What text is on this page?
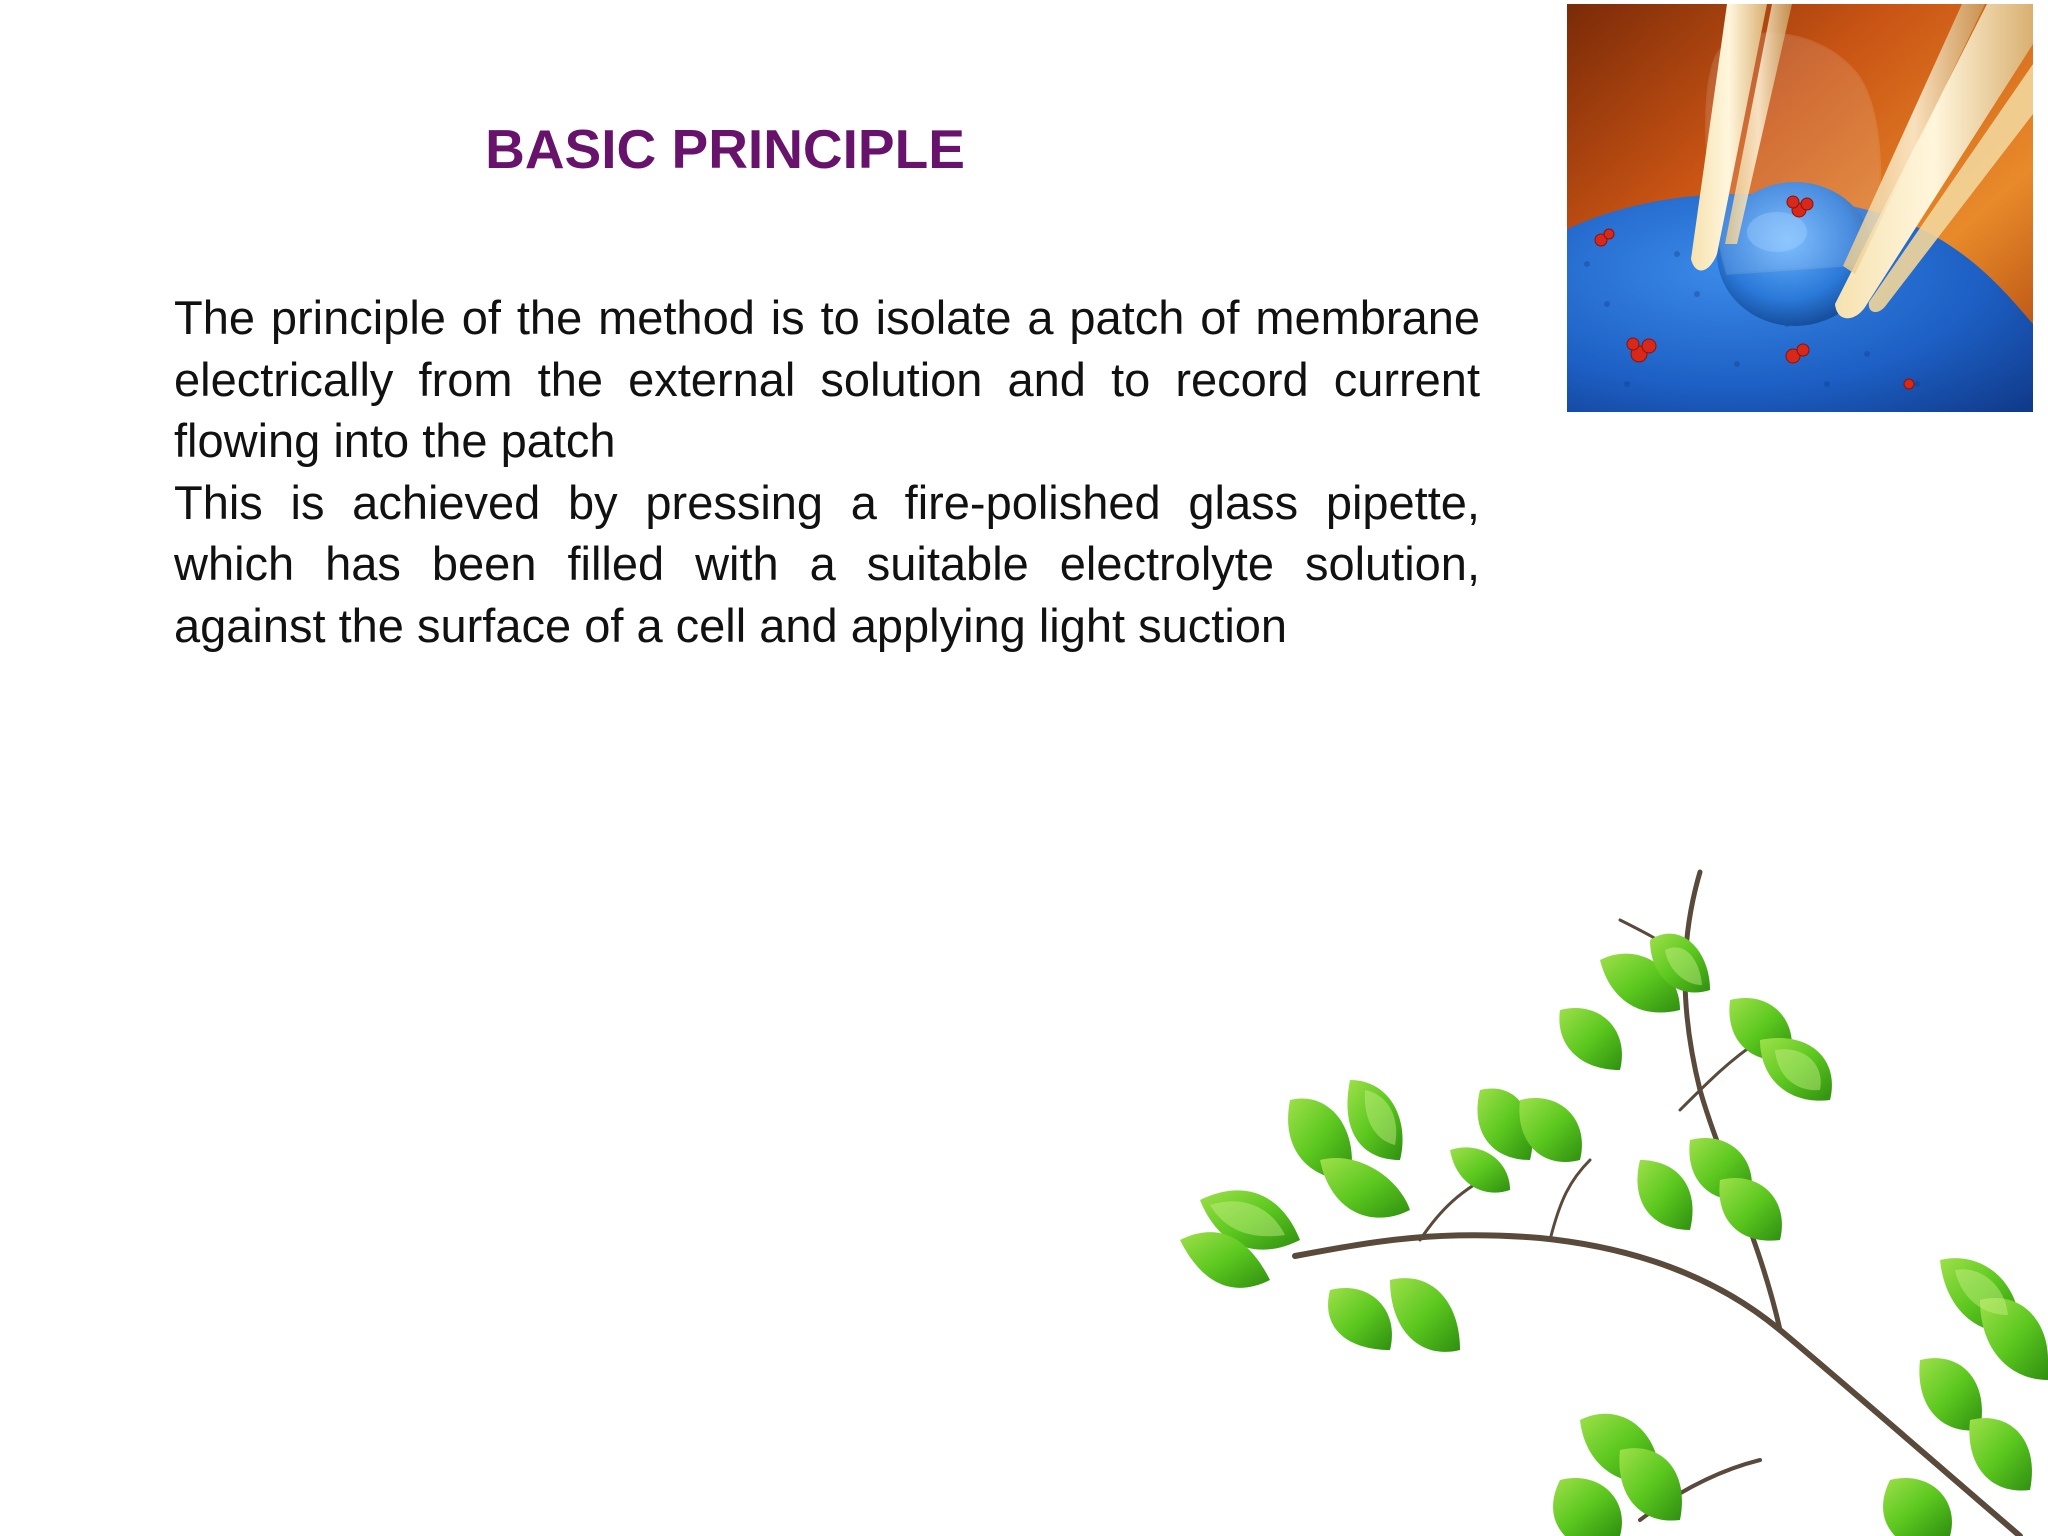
BASIC PRINCIPLE

The principle of the method is to isolate a patch of membrane electrically from the external solution and to record current flowing into the patch

This is achieved by pressing a fire-polished glass pipette, which has been filled with a suitable electrolyte solution, against the surface of a cell and applying light suction
